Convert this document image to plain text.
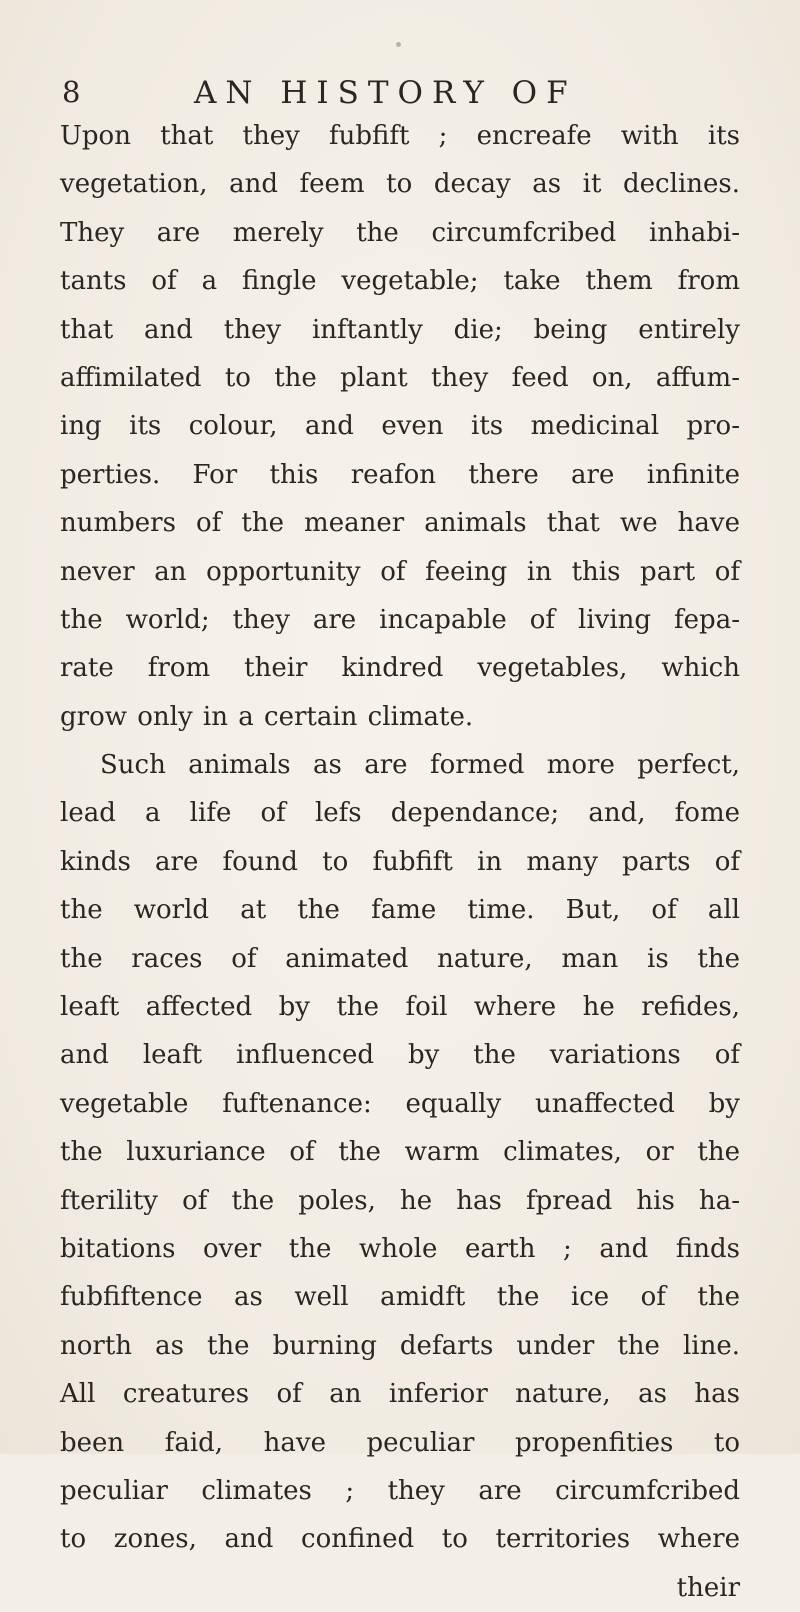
8	AN HISTORY OF
Upon that they fubfift ; encreafe with its
vegetation, and feem to decay as it declines.
They are merely the circumfcribed inhabi-
tants of a fingle vegetable; take them from
that and they inftantly die; being entirely
affimilated to the plant they feed on, affum-
ing its colour, and even its medicinal pro-
perties. For this reafon there are infinite
numbers of the meaner animals that we have
never an opportunity of feeing in this part of
the world; they are incapable of living fepa-
rate from their kindred vegetables, which
grow only in a certain climate.
Such animals as are formed more perfect,
lead a life of lefs dependance; and, fome
kinds are found to fubfift in many parts of
the world at the fame time. But, of all
the races of animated nature, man is the
leaft affected by the foil where he refides,
and leaft influenced by the variations of
vegetable fuftenance: equally unaffected by
the luxuriance of the warm climates, or the
fterility of the poles, he has fpread his ha-
bitations over the whole earth ; and finds
fubfiftence as well amidft the ice of the
north as the burning defarts under the line.
All creatures of an inferior nature, as has
been faid, have peculiar propenfities to
peculiar climates ; they are circumfcribed
to zones, and confined to territories where
their
